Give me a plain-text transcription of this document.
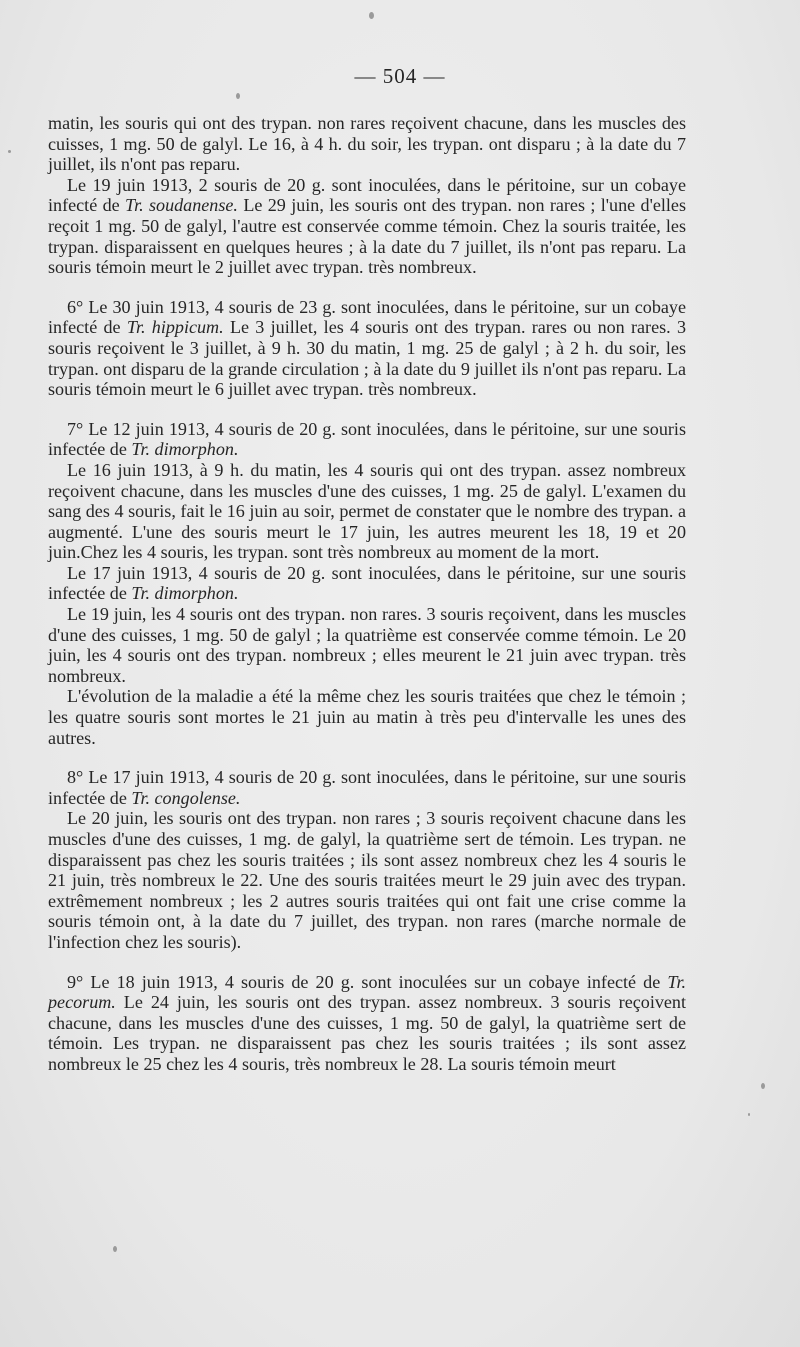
— 504 —

matin, les souris qui ont des trypan. non rares reçoivent chacune, dans les muscles des cuisses, 1 mg. 50 de galyl. Le 16, à 4 h. du soir, les trypan. ont disparu ; à la date du 7 juillet, ils n'ont pas reparu.

Le 19 juin 1913, 2 souris de 20 g. sont inoculées, dans le péritoine, sur un cobaye infecté de Tr. soudanense. Le 29 juin, les souris ont des trypan. non rares ; l'une d'elles reçoit 1 mg. 50 de galyl, l'autre est conservée comme témoin. Chez la souris traitée, les trypan. disparaissent en quelques heures ; à la date du 7 juillet, ils n'ont pas reparu. La souris témoin meurt le 2 juillet avec trypan. très nombreux.

6° Le 30 juin 1913, 4 souris de 23 g. sont inoculées, dans le péritoine, sur un cobaye infecté de Tr. hippicum. Le 3 juillet, les 4 souris ont des trypan. rares ou non rares. 3 souris reçoivent le 3 juillet, à 9 h. 30 du matin, 1 mg. 25 de galyl ; à 2 h. du soir, les trypan. ont disparu de la grande circulation ; à la date du 9 juillet ils n'ont pas reparu. La souris témoin meurt le 6 juillet avec trypan. très nombreux.

7° Le 12 juin 1913, 4 souris de 20 g. sont inoculées, dans le péritoine, sur une souris infectée de Tr. dimorphon.

Le 16 juin 1913, à 9 h. du matin, les 4 souris qui ont des trypan. assez nombreux reçoivent chacune, dans les muscles d'une des cuisses, 1 mg. 25 de galyl. L'examen du sang des 4 souris, fait le 16 juin au soir, permet de constater que le nombre des trypan. a augmenté. L'une des souris meurt le 17 juin, les autres meurent les 18, 19 et 20 juin.Chez les 4 souris, les trypan. sont très nombreux au moment de la mort.

Le 17 juin 1913, 4 souris de 20 g. sont inoculées, dans le péritoine, sur une souris infectée de Tr. dimorphon.

Le 19 juin, les 4 souris ont des trypan. non rares. 3 souris reçoivent, dans les muscles d'une des cuisses, 1 mg. 50 de galyl ; la quatrième est conservée comme témoin. Le 20 juin, les 4 souris ont des trypan. nombreux ; elles meurent le 21 juin avec trypan. très nombreux.

L'évolution de la maladie a été la même chez les souris traitées que chez le témoin ; les quatre souris sont mortes le 21 juin au matin à très peu d'intervalle les unes des autres.

8° Le 17 juin 1913, 4 souris de 20 g. sont inoculées, dans le péritoine, sur une souris infectée de Tr. congolense.

Le 20 juin, les souris ont des trypan. non rares ; 3 souris reçoivent chacune dans les muscles d'une des cuisses, 1 mg. de galyl, la quatrième sert de témoin. Les trypan. ne disparaissent pas chez les souris traitées ; ils sont assez nombreux chez les 4 souris le 21 juin, très nombreux le 22. Une des souris traitées meurt le 29 juin avec des trypan. extrêmement nombreux ; les 2 autres souris traitées qui ont fait une crise comme la souris témoin ont, à la date du 7 juillet, des trypan. non rares (marche normale de l'infection chez les souris).

9° Le 18 juin 1913, 4 souris de 20 g. sont inoculées sur un cobaye infecté de Tr. pecorum. Le 24 juin, les souris ont des trypan. assez nombreux. 3 souris reçoivent chacune, dans les muscles d'une des cuisses, 1 mg. 50 de galyl, la quatrième sert de témoin. Les trypan. ne disparaissent pas chez les souris traitées ; ils sont assez nombreux le 25 chez les 4 souris, très nombreux le 28. La souris témoin meurt
